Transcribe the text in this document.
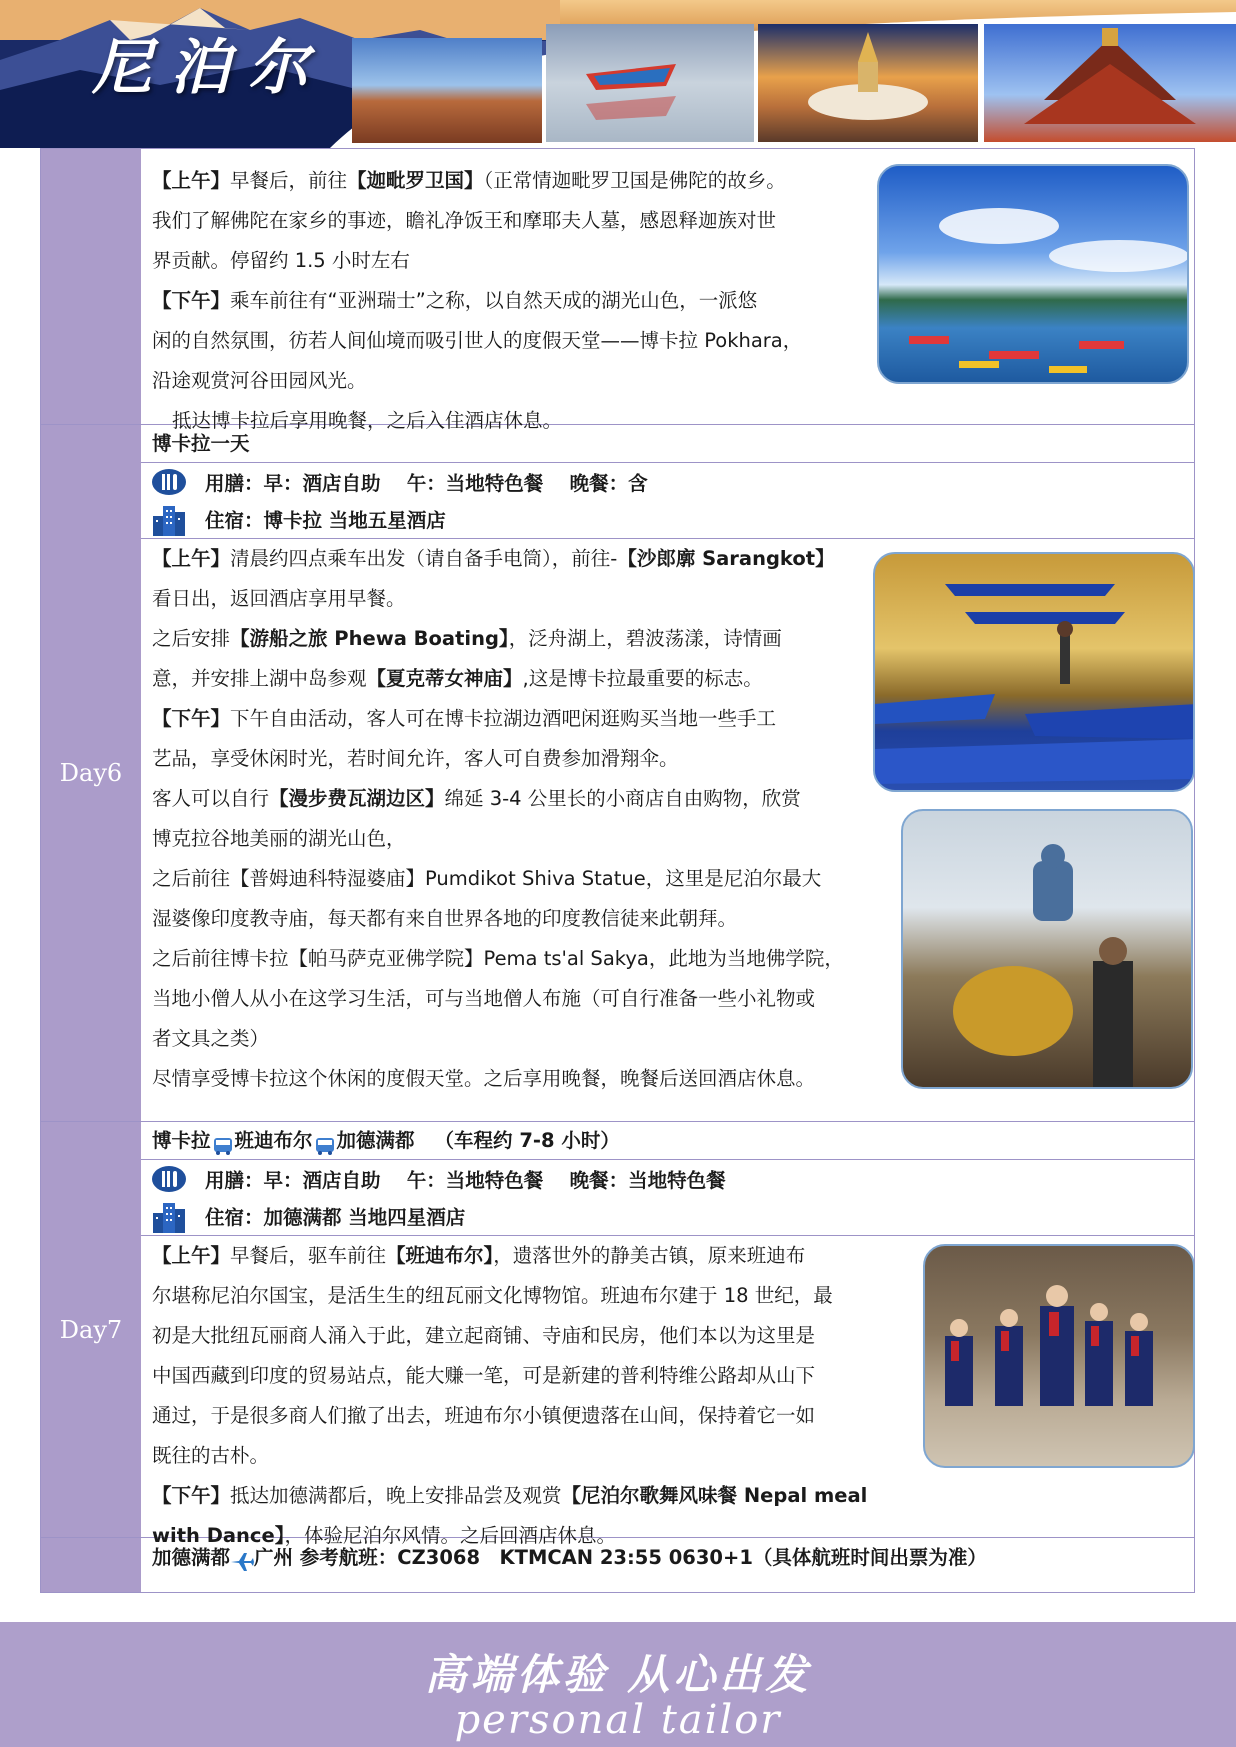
尼泊尔
【上午】早餐后，前往【迦毗罗卫国】（正常情迦毗罗卫国是佛陀的故乡。
我们了解佛陀在家乡的事迹，瞻礼净饭王和摩耶夫人墓，感恩释迦族对世
界贡献。停留约 1.5 小时左右
【下午】乘车前往有“亚洲瑞士”之称，以自然天成的湖光山色，一派悠
闲的自然氛围，彷若人间仙境而吸引世人的度假天堂——博卡拉 Pokhara，
沿途观赏河谷田园风光。
抵达博卡拉后享用晚餐，之后入住酒店休息。
Day6
博卡拉一天
用膳：早：酒店自助　 午：当地特色餐　 晚餐：含
住宿：博卡拉 当地五星酒店
【上午】清晨约四点乘车出发（请自备手电筒），前往-【沙郎廓 Sarangkot】
看日出，返回酒店享用早餐。
之后安排【游船之旅 Phewa Boating】，泛舟湖上，碧波荡漾，诗情画
意，并安排上湖中岛参观【夏克蒂女神庙】,这是博卡拉最重要的标志。
【下午】下午自由活动，客人可在博卡拉湖边酒吧闲逛购买当地一些手工
艺品，享受休闲时光，若时间允许，客人可自费参加滑翔伞。
客人可以自行【漫步费瓦湖边区】绵延 3-4 公里长的小商店自由购物，欣赏
博克拉谷地美丽的湖光山色，
之后前往【普姆迪科特湿婆庙】Pumdikot Shiva Statue，这里是尼泊尔最大
湿婆像印度教寺庙，每天都有来自世界各地的印度教信徒来此朝拜。
之后前往博卡拉【帕马萨克亚佛学院】Pema ts'al Sakya，此地为当地佛学院，
当地小僧人从小在这学习生活，可与当地僧人布施（可自行准备一些小礼物或
者文具之类）
尽情享受博卡拉这个休闲的度假天堂。之后享用晚餐，晚餐后送回酒店休息。
Day7
博卡拉 班迪布尔 加德满都 （车程约 7-8 小时）
用膳：早：酒店自助　 午：当地特色餐　 晚餐：当地特色餐
住宿：加德满都 当地四星酒店
【上午】早餐后，驱车前往【班迪布尔】，遗落世外的静美古镇，原来班迪布
尔堪称尼泊尔国宝，是活生生的纽瓦丽文化博物馆。班迪布尔建于 18 世纪，最
初是大批纽瓦丽商人涌入于此，建立起商铺、寺庙和民房，他们本以为这里是
中国西藏到印度的贸易站点，能大赚一笔，可是新建的普利特维公路却从山下
通过，于是很多商人们撤了出去，班迪布尔小镇便遗落在山间，保持着它一如
既往的古朴。
【下午】抵达加德满都后，晚上安排品尝及观赏【尼泊尔歌舞风味餐 Nepal meal
with Dance】，体验尼泊尔风情。之后回酒店休息。
加德满都 广州 参考航班：CZ3068　KTMCAN 23:55 0630+1（具体航班时间出票为准）
高端体验 从心出发
personal tailor
